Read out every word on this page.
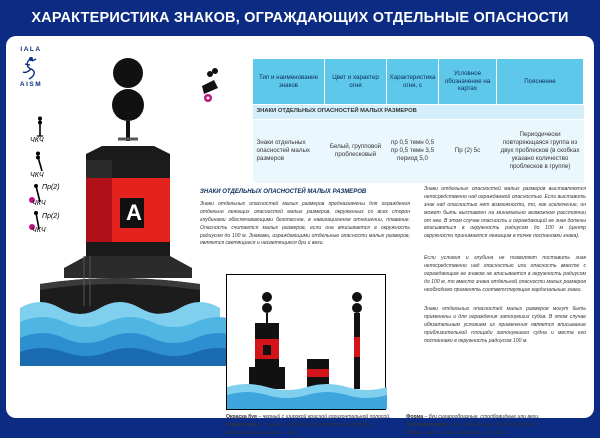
ХАРАКТЕРИСТИКА ЗНАКОВ, ОГРАЖДАЮЩИХ ОТДЕЛЬНЫЕ ОПАСНОСТИ
IALA
AISM
ЧКЧ
ЧКЧ
Пр(2)
ЧКЧ
Пр(2)
ЧКЧ
A
Тип и наименование знаков	Цвет и характер огня	Характеристика огня, с	Условное обозначение на картах	Пояснение
ЗНАКИ ОТДЕЛЬНЫХ ОПАСНОСТЕЙ МАЛЫХ РАЗМЕРОВ				
Знаки отдельных опасностей малых размеров	Белый, групповой проблесковый	пр 0,5 темн 0,5 пр 0,5 темн 3,5 период 5,0	Пр (2) 5с	Периодически повторяющаяся группа из двух проблесков (в скобках указано количество проблесков в группе)
ЗНАКИ ОТДЕЛЬНЫХ ОПАСНОСТЕЙ МАЛЫХ РАЗМЕРОВ
Знаки отдельных опасностей малых размеров предназначены для ограждения отдельно лежащих опасностей малых размеров, окруженных со всех сторон глубинами обеспечивающими безопасное, в навигационном отношении, плавание. Опасность считается малых размеров, если она вписывается в окружность радиусом до 100 м. Знаками, ограждающими отдельные опасности малых размеров, являются светящиеся и несветящиеся буи и вехи.
Знаки отдельных опасностей малых размеров выставляются непосредственно над ограждаемой опасностью. Если выставить знак над опасностью нет возможности, то, как исключение, он может быть выставлен на минимально возможном расстоянии от нее. В этом случае опасность и ограждающий ее знак должны вписываться в окружность радиусом до 100 м (центр окружности принимается лежащим в точке постановки знака).
Если условия и глубина не позволяют поставить знак непосредственно над опасностью или опасность вместе с ограждающим ее знаком не вписывается в окружность радиусом до 100 м, то вместо знака отдельной опасности малых размеров необходимо применять соответствующие кардинальные знаки.
Знаки отдельных опасностей малых размеров могут быть применены и для ограждения затонувших судов. В этом случае обязательным условием их применения является вписывание приблизительной площади затонувшего судна и места его постановки в окружность радиусом 100 м.
Окраска буя – черный с широкой красной горизонтальной полосой.
Окраска вехи – черные и красные горизонтальные полосы; обозначение на картах – чкч.
Форма – буи сигарообразные, столбовидные или вехи.
Топовая фигура – два черных шара один над другим.
Огонь – цвет – бел, характер – Пр (2) 5с.
